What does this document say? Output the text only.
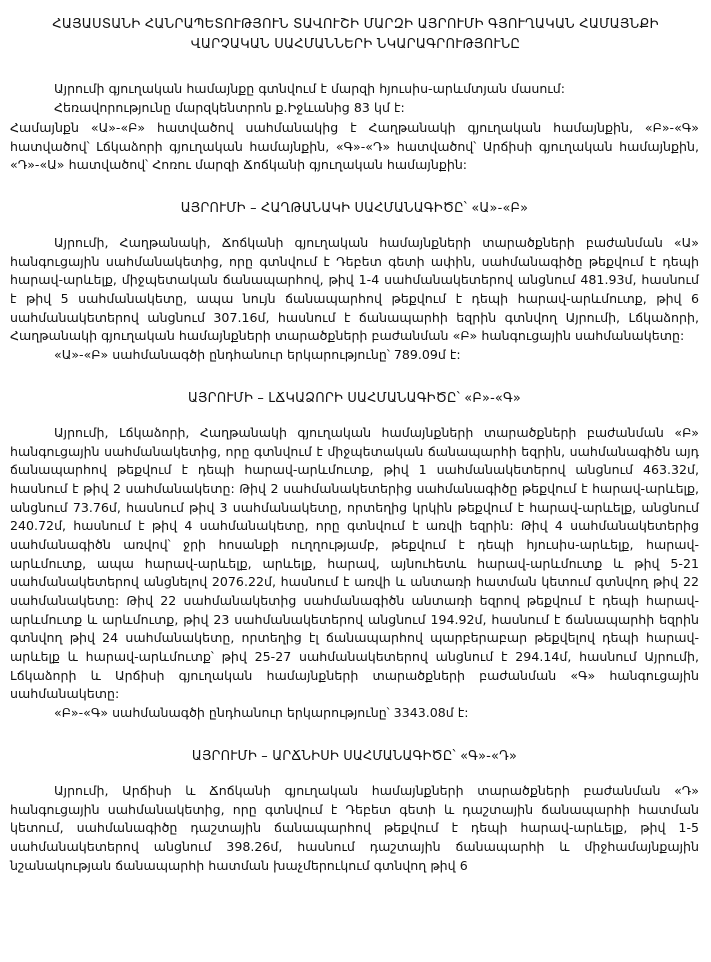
ՀԱՅԱՍՏԱՆԻ ՀԱՆՐԱՊԵՏՈՒԹՅՈՒՆ ՏԱՎՈՒՇԻ ՄԱՐԶԻ ԱՅՐՈՒՄԻ ԳՅՈՒՂԱԿԱՆ ՀԱՄԱՅՆՔԻ
ՎԱՐՉԱԿԱՆ ՍԱՀՄԱՆՆԵՐԻ ՆԿԱՐԱԳՐՈՒԹՅՈՒՆԸ

Այրումի գյուղական համայնքը գտնվում է մարզի հյուսիս-արևմտյան մասում:

Հեռավորությունը մարզկենտրոն ք.Իջևանից 83 կմ է:

Համայնքն «Ա»-«Բ» հատվածով սահմանակից է Հաղթանակի գյուղական համայնքին, «Բ»-«Գ» հատվածով՝ Լճկաձորի գյուղական համայնքին, «Գ»-«Դ» հատվածով՝ Արճիսի գյուղական համայնքին, «Դ»-«Ա» հատվածով՝ Հոռու մարզի Ճոճկանի գյուղական համայնքին:

ԱՅՐՈՒՄԻ – ՀԱՂԹԱՆԱԿԻ ՍԱՀՄԱՆԱԳԻԾԸ՝ «Ա»-«Բ»

Այրումի, Հաղթանակի, Ճոճկանի գյուղական համայնքների տարածքների բաժանման «Ա» հանգուցային սահմանակետից, որը գտնվում է Դեբետ գետի ափին, սահմանագիծը թեքվում է դեպի հարավ-արևելք, միջպետական ճանապարհով, թիվ 1-4 սահմանակետերով անցնում 481.93մ, հասնում է թիվ 5 սահմանակետը, ապա նույն ճանապարհով թեքվում է դեպի հարավ-արևմուտք, թիվ 6 սահմանակետերով անցնում 307.16մ, հասնում է ճանապարհի եզրին գտնվող Այրումի, Լճկաձորի, Հաղթանակի գյուղական համայնքների տարածքների բաժանման «Բ» հանգուցային սահմանակետը:

«Ա»-«Բ» սահմանագծի ընդհանուր երկարությունը՝ 789.09մ է:

ԱՅՐՈՒՄԻ – ԼՃԿԱՁՈՐԻ ՍԱՀՄԱՆԱԳԻԾԸ՝ «Բ»-«Գ»

Այրումի, Լճկաձորի, Հաղթանակի գյուղական համայնքների տարածքների բաժանման «Բ» հանգուցային սահմանակետից, որը գտնվում է միջպետական ճանապարհի եզրին, սահմանագիծն այդ ճանապարհով թեքվում է դեպի հարավ-արևմուտք, թիվ 1 սահմանակետերով անցնում 463.32մ, հասնում է թիվ 2 սահմանակետը: Թիվ 2 սահմանակետերից սահմանագիծը թեքվում է հարավ-արևելք, անցնում 73.76մ, հասնում թիվ 3 սահմանակետը, որտեղից կրկին թեքվում է հարավ-արևելք, անցնում 240.72մ, հասնում է թիվ 4 սահմանակետը, որը գտնվում է առվի եզրին: Թիվ 4 սահմանակետերից սահմանագիծն առվով՝ ջրի հոսանքի ուղղությամբ, թեքվում է դեպի հյուսիս-արևելք, հարավ-արևմուտք, ապա հարավ-արևելք, արևելք, հարավ, այնուհետև հարավ-արևմուտք և թիվ 5-21 սահմանակետերով անցնելով 2076.22մ, հասնում է առվի և անտառի հատման կետում գտնվող թիվ 22 սահմանակետը: Թիվ 22 սահմանակետից սահմանագիծն անտառի եզրով թեքվում է դեպի հարավ-արևմուտք և արևմուտք, թիվ 23 սահմանակետերով անցնում 194.92մ, հասնում է ճանապարհի եզրին գտնվող թիվ 24 սահմանակետը, որտեղից էլ ճանապարհով պարբերաբար թեքվելով դեպի հարավ-արևելք և հարավ-արևմուտք՝ թիվ 25-27 սահմանակետերով անցնում է 294.14մ, հասնում Այրումի, Լճկաձորի և Արճիսի գյուղական համայնքների տարածքների բաժանման «Գ» հանգուցային սահմանակետը:

«Բ»-«Գ» սահմանագծի ընդհանուր երկարությունը՝ 3343.08մ է:

ԱՅՐՈՒՄԻ – ԱՐՃՆԻՍԻ ՍԱՀՄԱՆԱԳԻԾԸ՝ «Գ»-«Դ»

Այրումի, Արճիսի և Ճոճկանի գյուղական համայնքների տարածքների բաժանման «Դ» հանգուցային սահմանակետից, որը գտնվում է Դեբետ գետի և դաշտային ճանապարհի հատման կետում, սահմանագիծը դաշտային ճանապարհով թեքվում է դեպի հարավ-արևելք, թիվ 1-5 սահմանակետերով անցնում 398.26մ, հասնում դաշտային ճանապարհի և միջհամայնքային նշանակության ճանապարհի հատման խաչմերուկում գտնվող թիվ 6
